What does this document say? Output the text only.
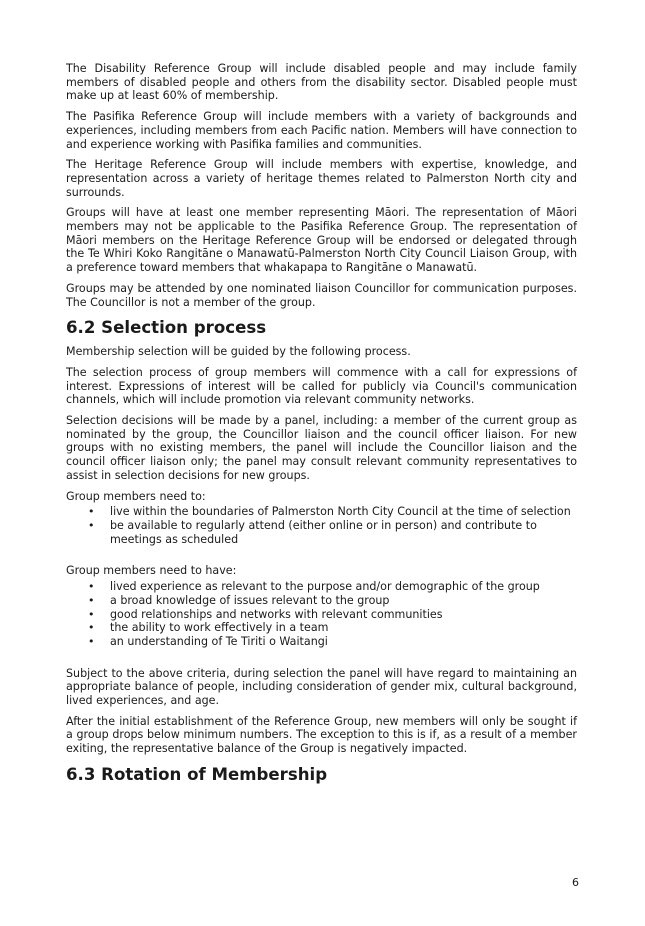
The Disability Reference Group will include disabled people and may include family members of disabled people and others from the disability sector. Disabled people must make up at least 60% of membership.

The Pasifika Reference Group will include members with a variety of backgrounds and experiences, including members from each Pacific nation. Members will have connection to and experience working with Pasifika families and communities.

The Heritage Reference Group will include members with expertise, knowledge, and representation across a variety of heritage themes related to Palmerston North city and surrounds.

Groups will have at least one member representing Māori. The representation of Māori members may not be applicable to the Pasifika Reference Group. The representation of Māori members on the Heritage Reference Group will be endorsed or delegated through the Te Whiri Koko Rangitāne o Manawatū-Palmerston North City Council Liaison Group, with a preference toward members that whakapapa to Rangitāne o Manawatū.

Groups may be attended by one nominated liaison Councillor for communication purposes. The Councillor is not a member of the group.

6.2 Selection process

Membership selection will be guided by the following process.

The selection process of group members will commence with a call for expressions of interest. Expressions of interest will be called for publicly via Council's communication channels, which will include promotion via relevant community networks.

Selection decisions will be made by a panel, including: a member of the current group as nominated by the group, the Councillor liaison and the council officer liaison. For new groups with no existing members, the panel will include the Councillor liaison and the council officer liaison only; the panel may consult relevant community representatives to assist in selection decisions for new groups.

Group members need to:

• live within the boundaries of Palmerston North City Council at the time of selection
• be available to regularly attend (either online or in person) and contribute to meetings as scheduled

Group members need to have:

• lived experience as relevant to the purpose and/or demographic of the group
• a broad knowledge of issues relevant to the group
• good relationships and networks with relevant communities
• the ability to work effectively in a team
• an understanding of Te Tiriti o Waitangi

Subject to the above criteria, during selection the panel will have regard to maintaining an appropriate balance of people, including consideration of gender mix, cultural background, lived experiences, and age.

After the initial establishment of the Reference Group, new members will only be sought if a group drops below minimum numbers. The exception to this is if, as a result of a member exiting, the representative balance of the Group is negatively impacted.

6.3 Rotation of Membership
6
